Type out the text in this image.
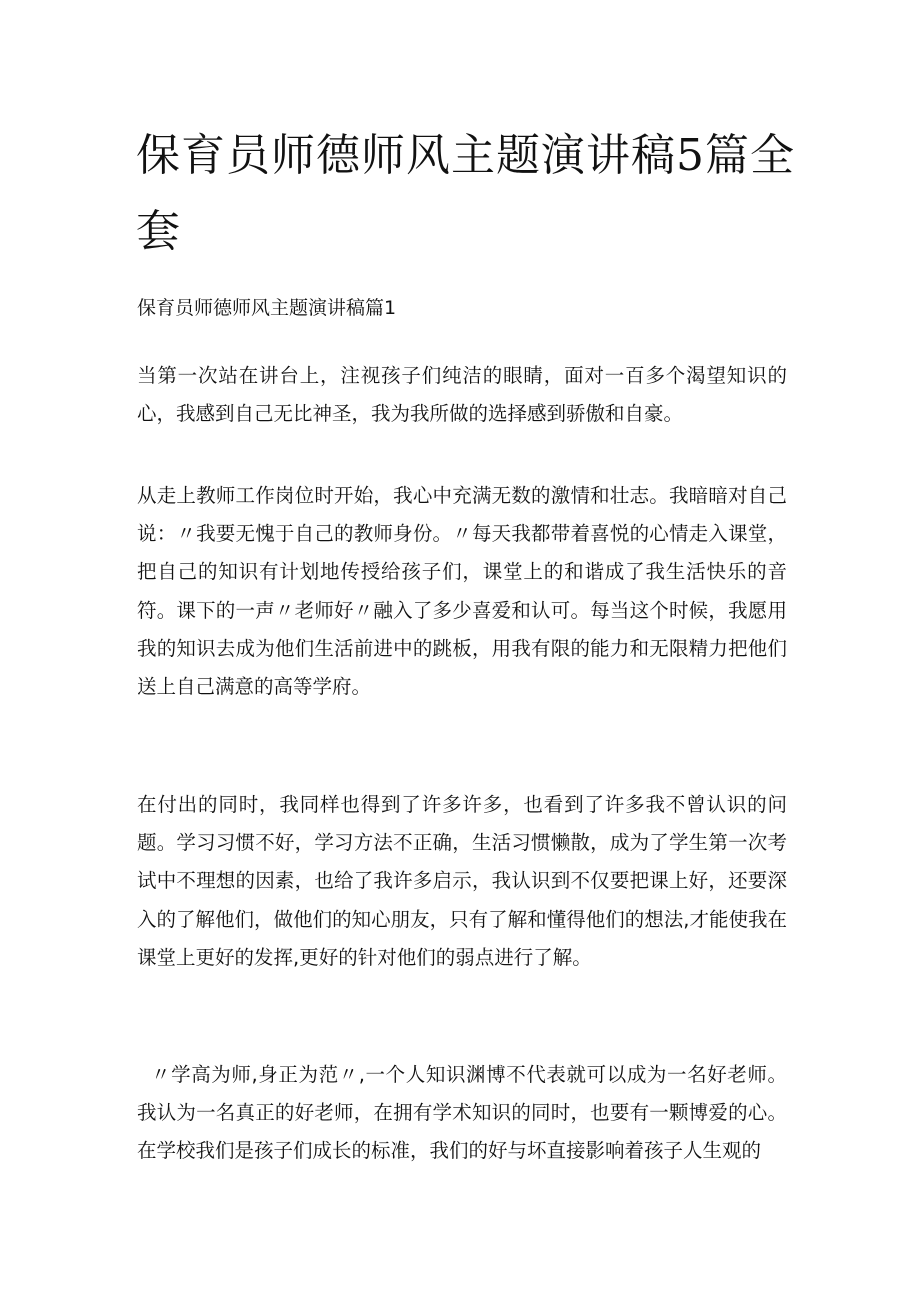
保育员师德师风主题演讲稿5篇全套
保育员师德师风主题演讲稿篇1

当第一次站在讲台上，注视孩子们纯洁的眼睛，面对一百多个渴望知识的心，我感到自己无比神圣，我为我所做的选择感到骄傲和自豪。

从走上教师工作岗位时开始，我心中充满无数的激情和壮志。我暗暗对自己说：〃我要无愧于自己的教师身份。〃每天我都带着喜悦的心情走入课堂，把自己的知识有计划地传授给孩子们，课堂上的和谐成了我生活快乐的音符。课下的一声〃老师好〃融入了多少喜爱和认可。每当这个时候，我愿用我的知识去成为他们生活前进中的跳板，用我有限的能力和无限精力把他们送上自己满意的高等学府。

在付出的同时，我同样也得到了许多许多，也看到了许多我不曾认识的问题。学习习惯不好，学习方法不正确，生活习惯懒散，成为了学生第一次考试中不理想的因素，也给了我许多启示，我认识到不仅要把课上好，还要深入的了解他们，做他们的知心朋友，只有了解和懂得他们的想法,才能使我在课堂上更好的发挥,更好的针对他们的弱点进行了解。

〃学高为师,身正为范〃,一个人知识渊博不代表就可以成为一名好老师。我认为一名真正的好老师，在拥有学术知识的同时，也要有一颗博爱的心。在学校我们是孩子们成长的标准，我们的好与坏直接影响着孩子人生观的
